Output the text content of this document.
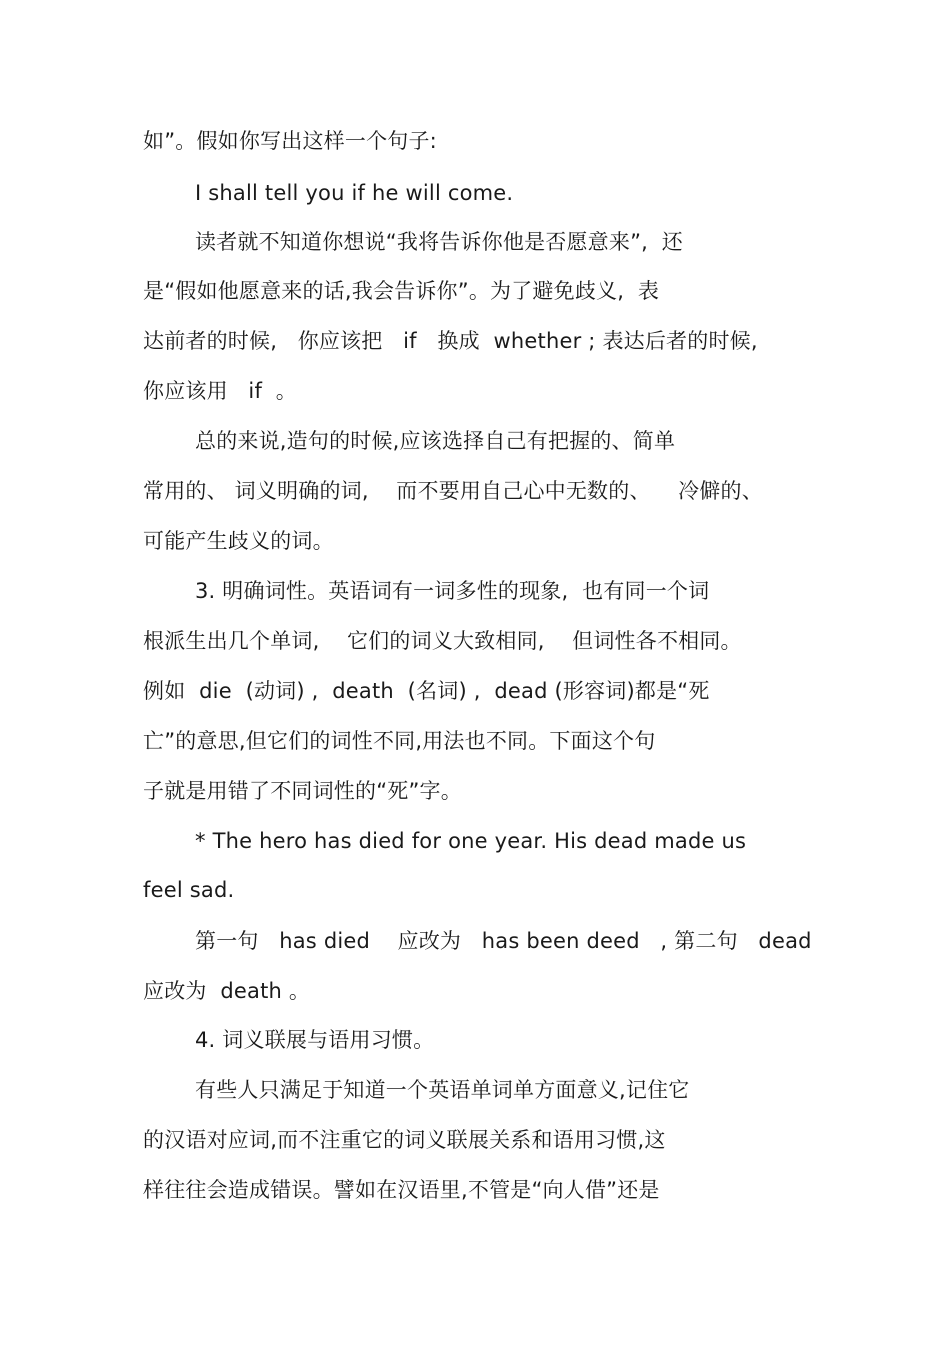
如”。假如你写出这样一个句子:
I shall tell you if he will come.
读者就不知道你想说“我将告诉你他是否愿意来”,  还
是“假如他愿意来的话,我会告诉你”。为了避免歧义,  表
达前者的时候,   你应该把   if   换成  whether ; 表达后者的时候,
你应该用   if  。
总的来说,造句的时候,应该选择自己有把握的、简单
常用的、 词义明确的词,    而不要用自己心中无数的、    冷僻的、
可能产生歧义的词。
3. 明确词性。英语词有一词多性的现象,  也有同一个词
根派生出几个单词,    它们的词义大致相同,    但词性各不相同。
例如  die  (动词) ,  death  (名词) ,  dead (形容词)都是“死
亡”的意思,但它们的词性不同,用法也不同。下面这个句
子就是用错了不同词性的“死”字。
* The hero has died for one year. His dead made us
feel sad.
第一句   has died    应改为   has been deed   , 第二句   dead
应改为  death 。
4. 词义联展与语用习惯。
有些人只满足于知道一个英语单词单方面意义,记住它
的汉语对应词,而不注重它的词义联展关系和语用习惯,这
样往往会造成错误。譬如在汉语里,不管是“向人借”还是
